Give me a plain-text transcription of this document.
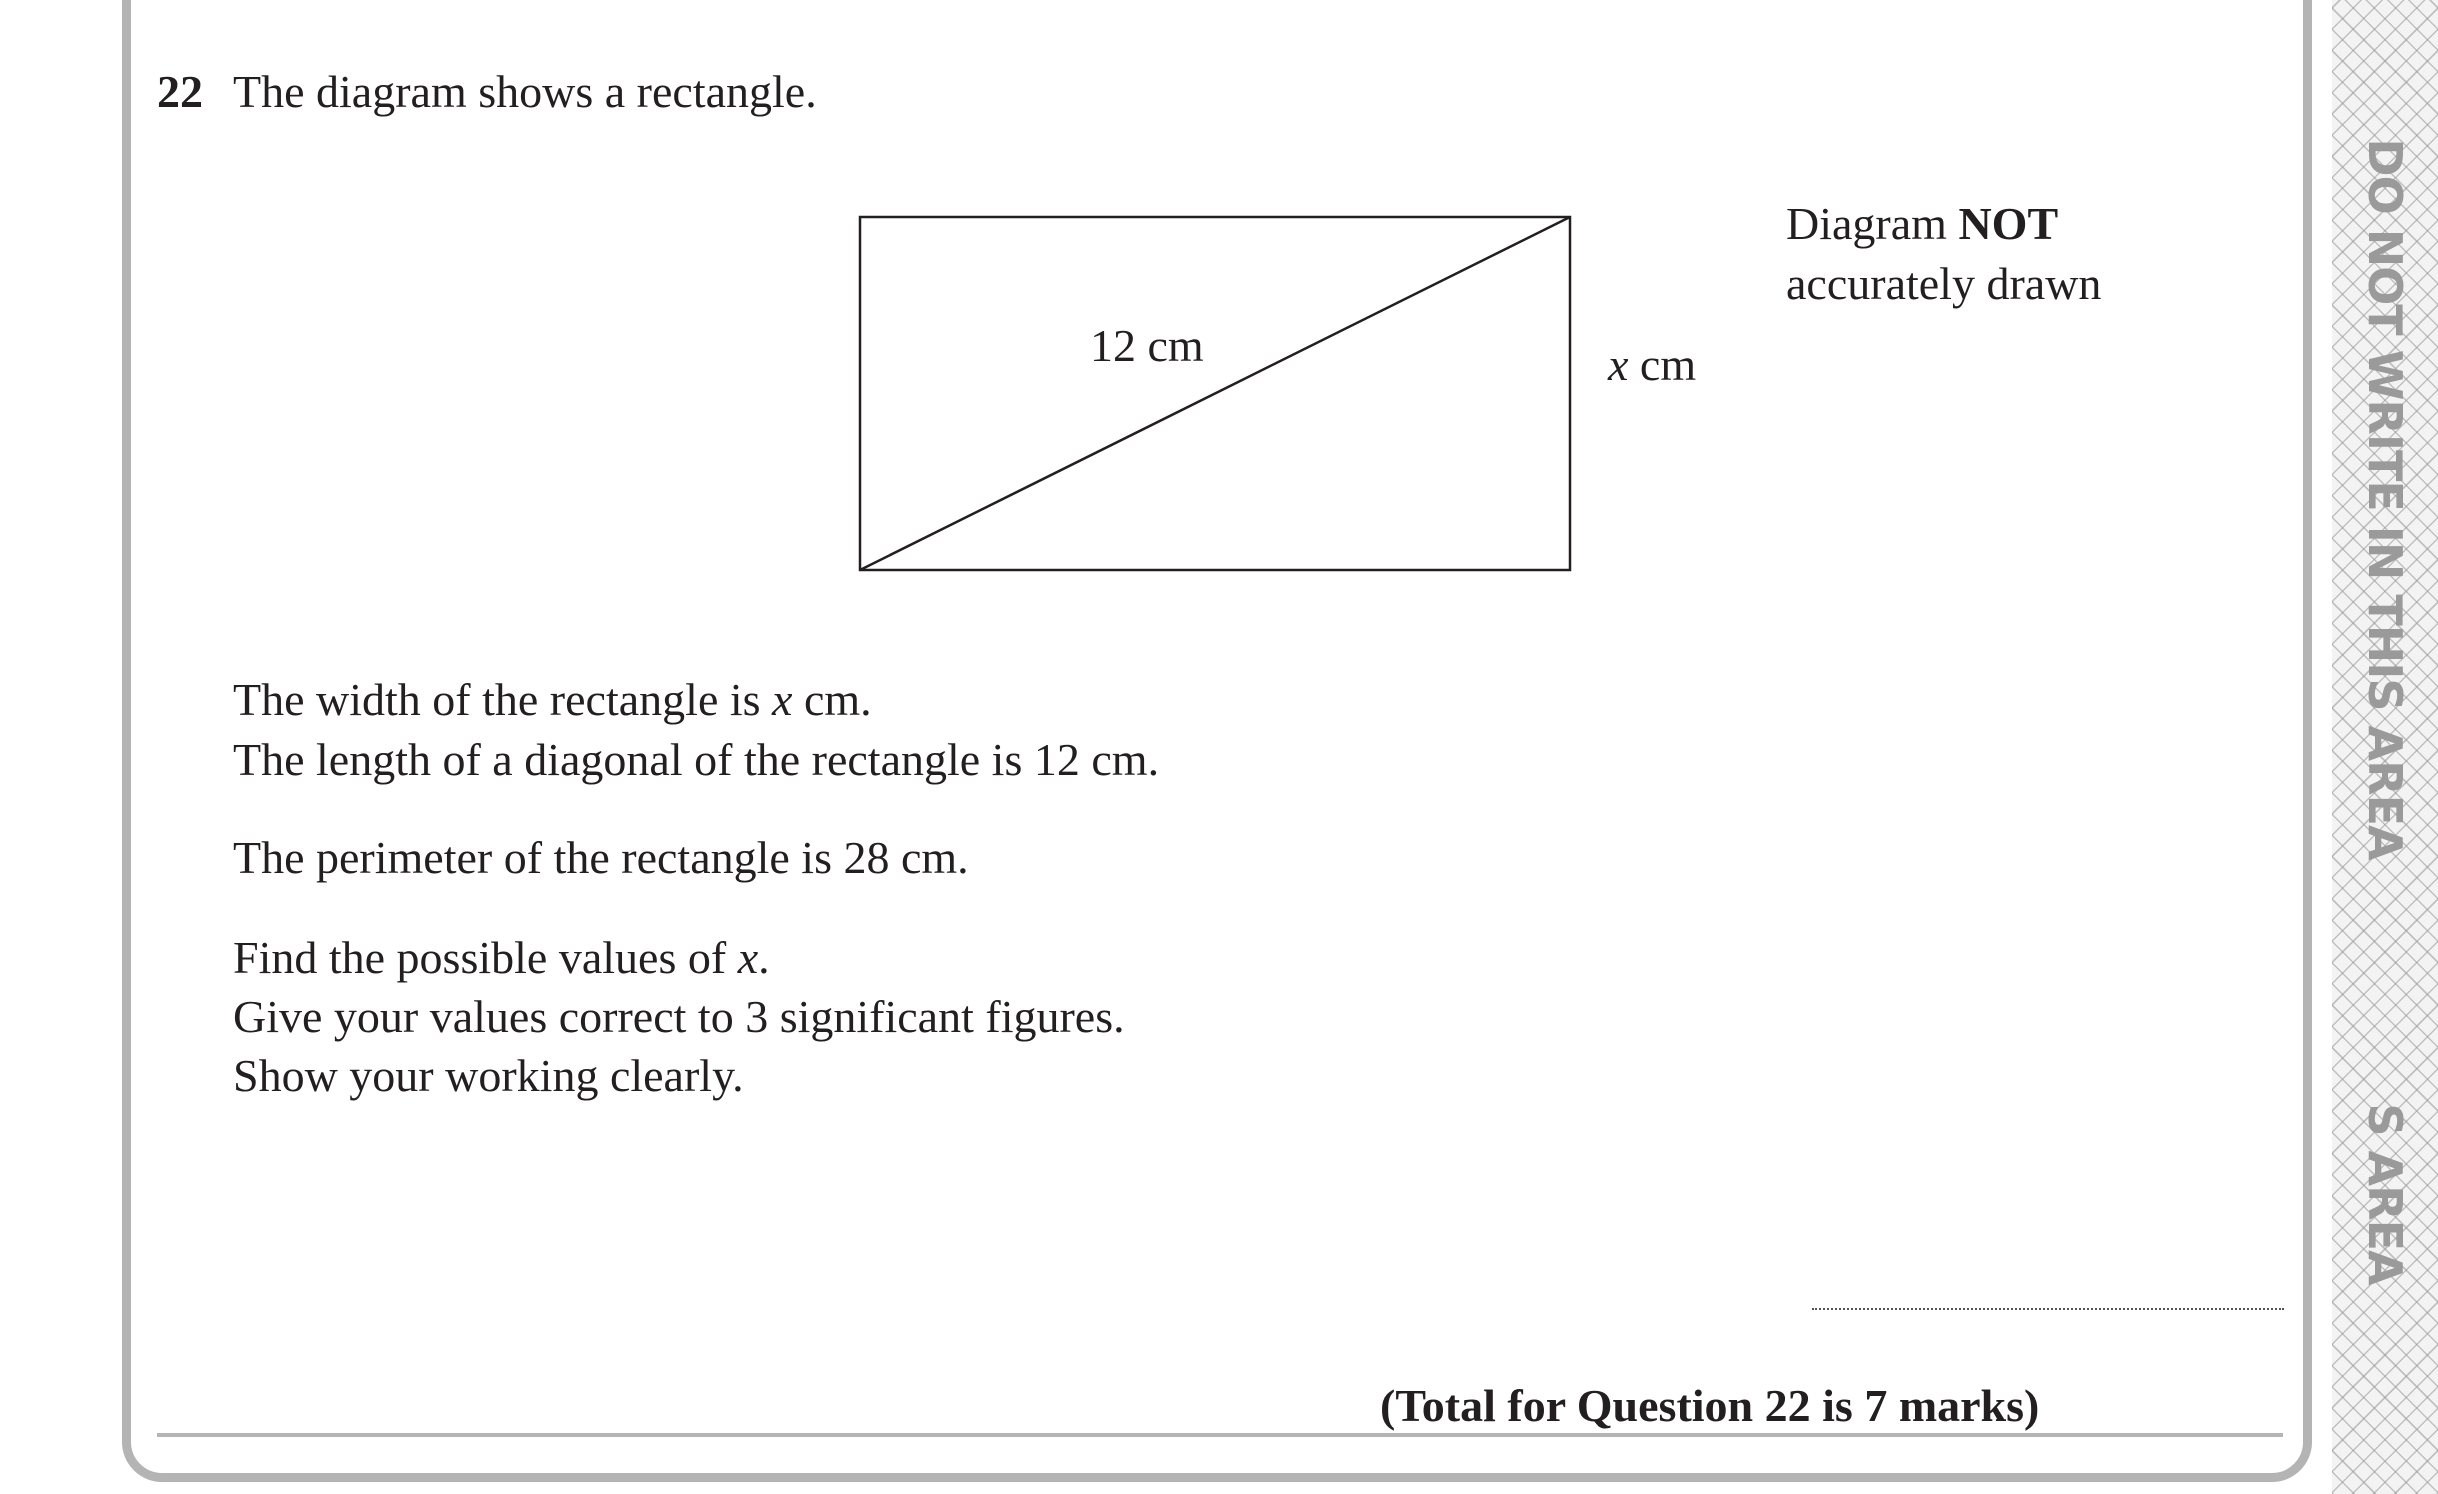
DO NOT WRITE IN THIS AREA
S AREA
22 The diagram shows a rectangle.
12 cm	x cm
Diagram NOT
accurately drawn
The width of the rectangle is x cm.
The length of a diagonal of the rectangle is 12 cm.
The perimeter of the rectangle is 28 cm.
Find the possible values of x.
Give your values correct to 3 significant figures.
Show your working clearly.
(Total for Question 22 is 7 marks)
